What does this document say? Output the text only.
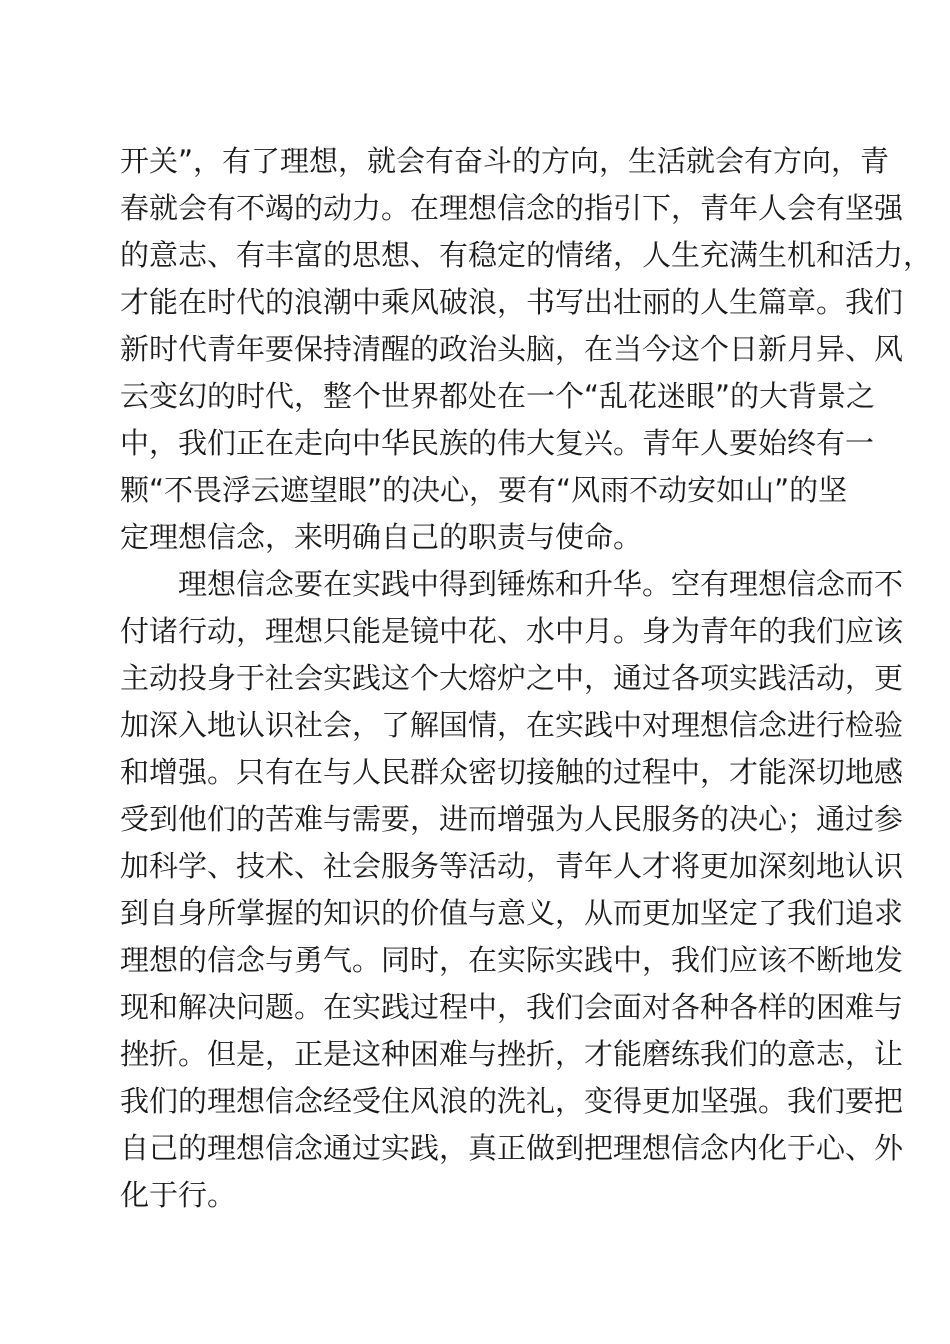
开关”，有了理想，就会有奋斗的方向，生活就会有方向，青
春就会有不竭的动力。在理想信念的指引下，青年人会有坚强
的意志、有丰富的思想、有稳定的情绪，人生充满生机和活力，
才能在时代的浪潮中乘风破浪，书写出壮丽的人生篇章。我们
新时代青年要保持清醒的政治头脑，在当今这个日新月异、风
云变幻的时代，整个世界都处在一个“乱花迷眼”的大背景之
中，我们正在走向中华民族的伟大复兴。青年人要始终有一
颗“不畏浮云遮望眼”的决心，要有“风雨不动安如山”的坚
定理想信念，来明确自己的职责与使命。
理想信念要在实践中得到锤炼和升华。空有理想信念而不
付诸行动，理想只能是镜中花、水中月。身为青年的我们应该
主动投身于社会实践这个大熔炉之中，通过各项实践活动，更
加深入地认识社会，了解国情，在实践中对理想信念进行检验
和增强。只有在与人民群众密切接触的过程中，才能深切地感
受到他们的苦难与需要，进而增强为人民服务的决心；通过参
加科学、技术、社会服务等活动，青年人才将更加深刻地认识
到自身所掌握的知识的价值与意义，从而更加坚定了我们追求
理想的信念与勇气。同时，在实际实践中，我们应该不断地发
现和解决问题。在实践过程中，我们会面对各种各样的困难与
挫折。但是，正是这种困难与挫折，才能磨练我们的意志，让
我们的理想信念经受住风浪的洗礼，变得更加坚强。我们要把
自己的理想信念通过实践，真正做到把理想信念内化于心、外
化于行。
